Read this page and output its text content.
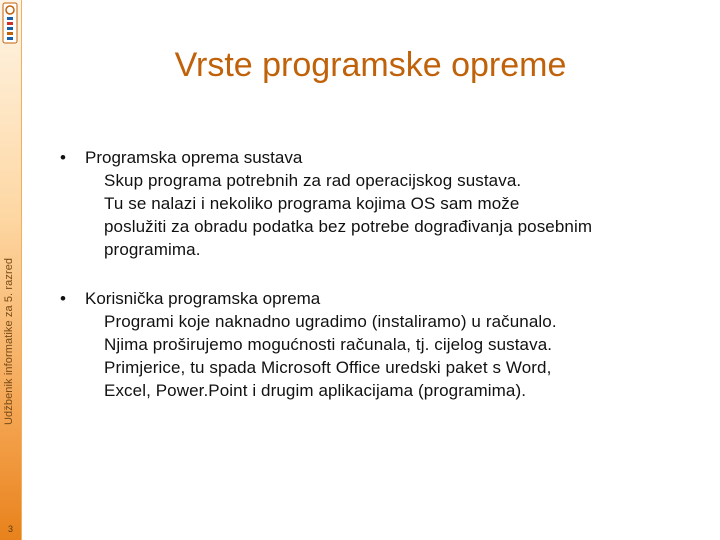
Udžbenik informatike za 5. razred
3
Vrste programske opreme
• Programska oprema sustava
Skup programa potrebnih za rad operacijskog sustava.
Tu se nalazi i nekoliko programa kojima OS sam može
poslužiti za obradu podatka bez potrebe dograđivanja posebnim
programima.
• Korisnička programska oprema
Programi koje naknadno ugradimo (instaliramo) u računalo.
Njima proširujemo mogućnosti računala, tj. cijelog sustava.
Primjerice, tu spada Microsoft Office uredski paket s Word,
Excel, Power.Point i drugim aplikacijama (programima).
